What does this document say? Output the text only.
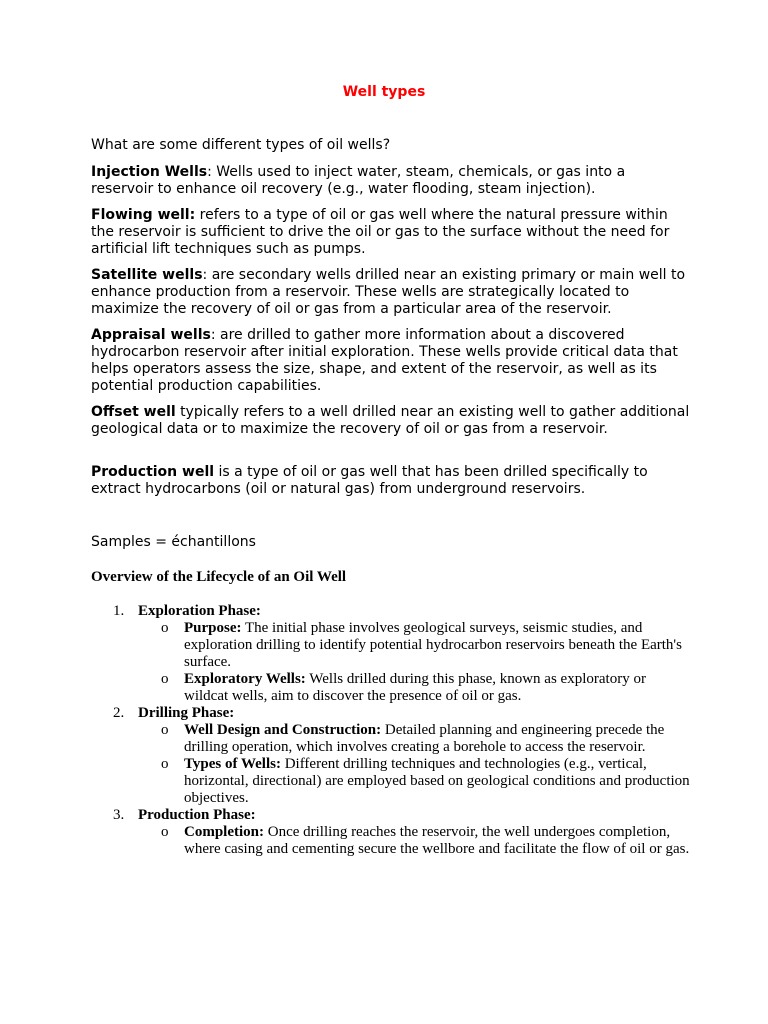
Well types

What are some different types of oil wells?

Injection Wells: Wells used to inject water, steam, chemicals, or gas into a reservoir to enhance oil recovery (e.g., water flooding, steam injection).

Flowing well: refers to a type of oil or gas well where the natural pressure within the reservoir is sufficient to drive the oil or gas to the surface without the need for artificial lift techniques such as pumps.

Satellite wells: are secondary wells drilled near an existing primary or main well to enhance production from a reservoir. These wells are strategically located to maximize the recovery of oil or gas from a particular area of the reservoir.

Appraisal wells: are drilled to gather more information about a discovered hydrocarbon reservoir after initial exploration. These wells provide critical data that helps operators assess the size, shape, and extent of the reservoir, as well as its potential production capabilities.

Offset well typically refers to a well drilled near an existing well to gather additional geological data or to maximize the recovery of oil or gas from a reservoir.

Production well is a type of oil or gas well that has been drilled specifically to extract hydrocarbons (oil or natural gas) from underground reservoirs.

Samples = échantillons

Overview of the Lifecycle of an Oil Well

1. Exploration Phase:
o Purpose: The initial phase involves geological surveys, seismic studies, and exploration drilling to identify potential hydrocarbon reservoirs beneath the Earth's surface.
o Exploratory Wells: Wells drilled during this phase, known as exploratory or wildcat wells, aim to discover the presence of oil or gas.
2. Drilling Phase:
o Well Design and Construction: Detailed planning and engineering precede the drilling operation, which involves creating a borehole to access the reservoir.
o Types of Wells: Different drilling techniques and technologies (e.g., vertical, horizontal, directional) are employed based on geological conditions and production objectives.
3. Production Phase:
o Completion: Once drilling reaches the reservoir, the well undergoes completion, where casing and cementing secure the wellbore and facilitate the flow of oil or gas.
